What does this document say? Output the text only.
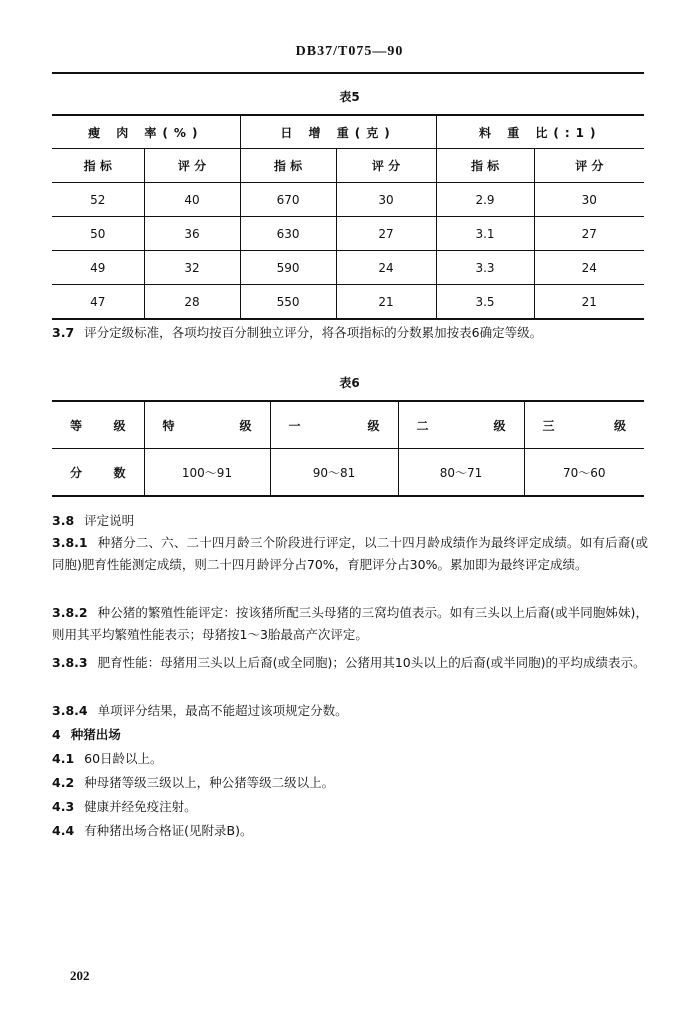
DB37/T075—90
表5
瘦 肉 率(%)		日 增 重(克)		料 重 比(:1)	
指 标	评 分	指 标	评 分	指 标	评 分
52	40	670	30	2.9	30
50	36	630	27	3.1	27
49	32	590	24	3.3	24
47	28	550	21	3.5	21
3.7 评分定级标准，各项均按百分制独立评分，将各项指标的分数累加按表6确定等级。
表6
等 级	特 级	一 级	二 级	三 级

分 数	100～91	90～81	80～71	70～60
3.8 评定说明
3.8.1 种猪分二、六、二十四月龄三个阶段进行评定，以二十四月龄成绩作为最终评定成绩。如有后裔(或同胞)肥育性能测定成绩，则二十四月龄评分占70%，育肥评分占30%。累加即为最终评定成绩。
3.8.2 种公猪的繁殖性能评定：按该猪所配三头母猪的三窝均值表示。如有三头以上后裔(或半同胞姊妹)，则用其平均繁殖性能表示；母猪按1～3胎最高产次评定。
3.8.3 肥育性能：母猪用三头以上后裔(或全同胞)；公猪用其10头以上的后裔(或半同胞)的平均成绩表示。
3.8.4 单项评分结果，最高不能超过该项规定分数。
4 种猪出场
4.1 60日龄以上。
4.2 种母猪等级三级以上，种公猪等级二级以上。
4.3 健康并经免疫注射。
4.4 有种猪出场合格证(见附录B)。
202
